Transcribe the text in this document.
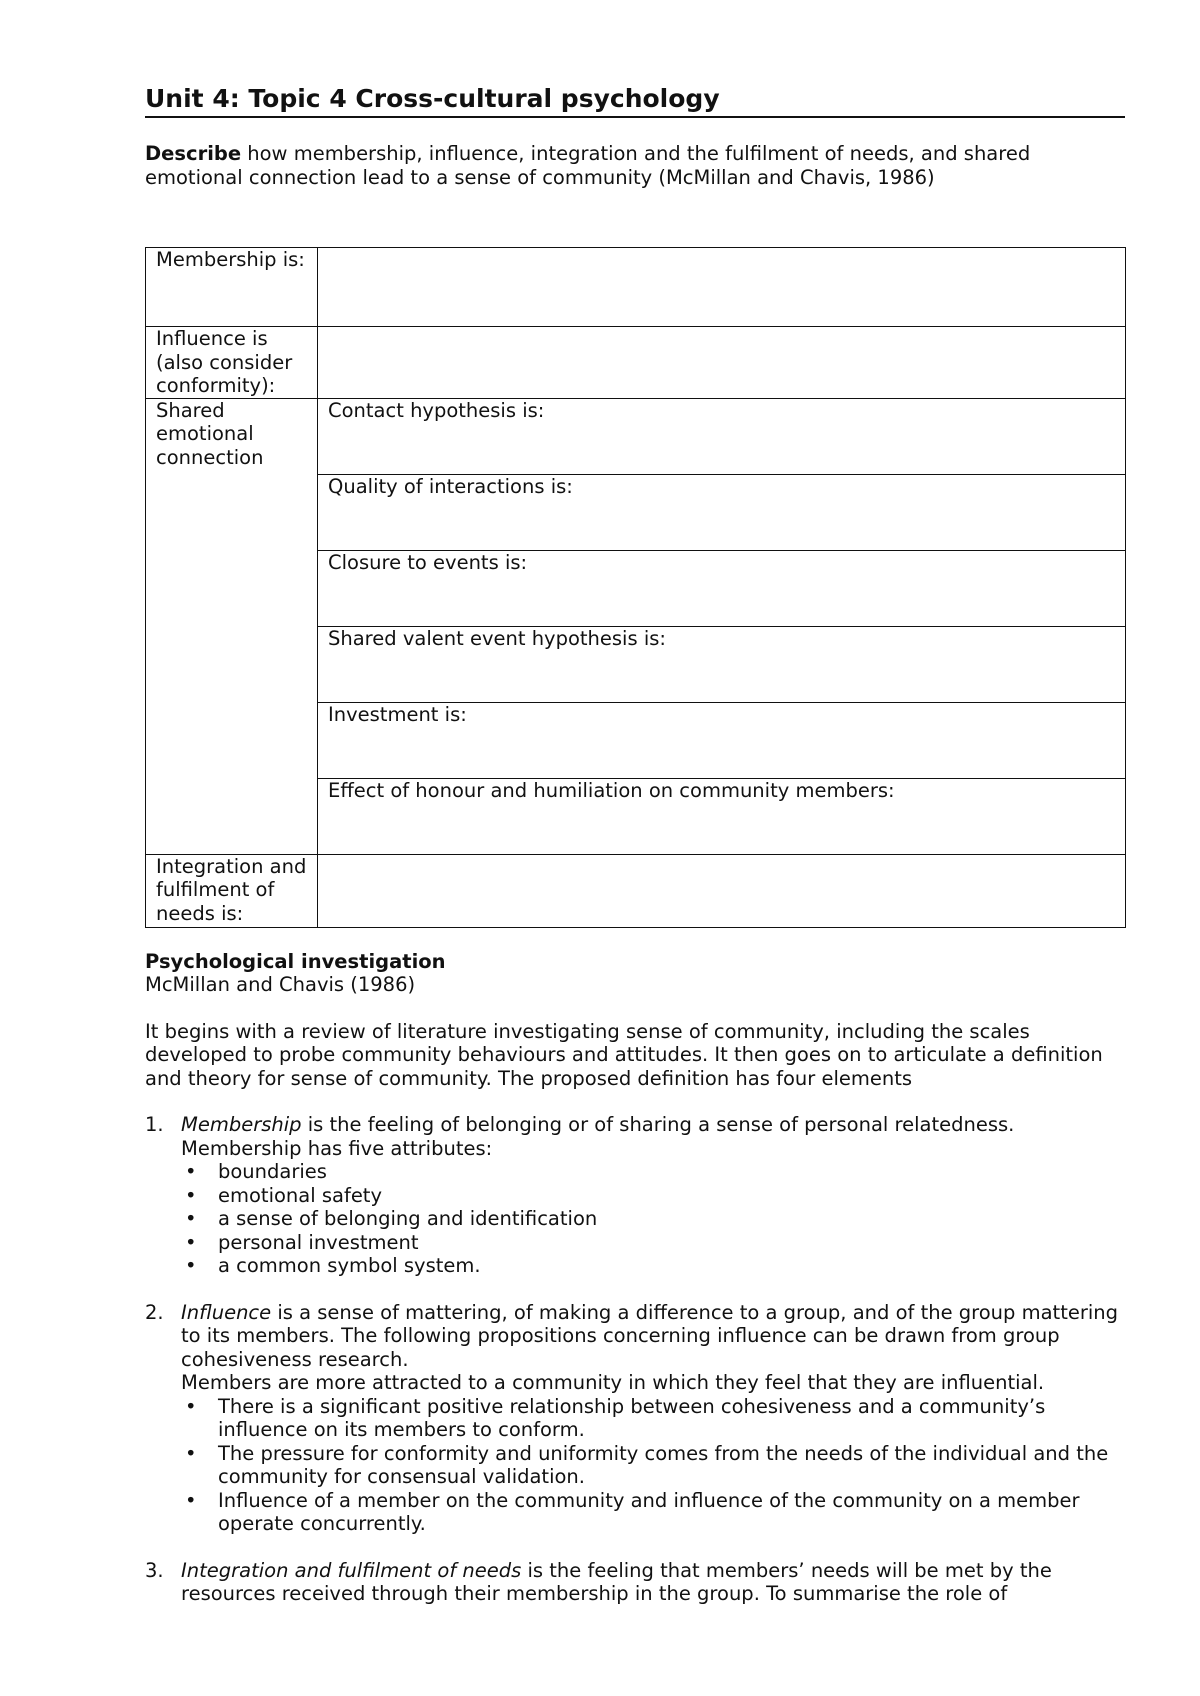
Unit 4: Topic 4 Cross-cultural psychology
Describe how membership, influence, integration and the fulfilment of needs, and shared emotional connection lead to a sense of community (McMillan and Chavis, 1986)
Membership is:	
Influence is (also consider conformity):	
Shared emotional connection	Contact hypothesis is:
	Quality of interactions is:
	Closure to events is:
	Shared valent event hypothesis is:
	Investment is:
	Effect of honour and humiliation on community members:
Integration and fulfilment of needs is:	
Psychological investigation
McMillan and Chavis (1986)
It begins with a review of literature investigating sense of community, including the scales developed to probe community behaviours and attitudes. It then goes on to articulate a definition and theory for sense of community. The proposed definition has four elements
1. Membership is the feeling of belonging or of sharing a sense of personal relatedness.
Membership has five attributes:
• boundaries
• emotional safety
• a sense of belonging and identification
• personal investment
• a common symbol system.
2. Influence is a sense of mattering, of making a difference to a group, and of the group mattering to its members. The following propositions concerning influence can be drawn from group cohesiveness research.
Members are more attracted to a community in which they feel that they are influential.
• There is a significant positive relationship between cohesiveness and a community’s influence on its members to conform.
• The pressure for conformity and uniformity comes from the needs of the individual and the community for consensual validation.
• Influence of a member on the community and influence of the community on a member operate concurrently.
3. Integration and fulfilment of needs is the feeling that members’ needs will be met by the resources received through their membership in the group. To summarise the role of
